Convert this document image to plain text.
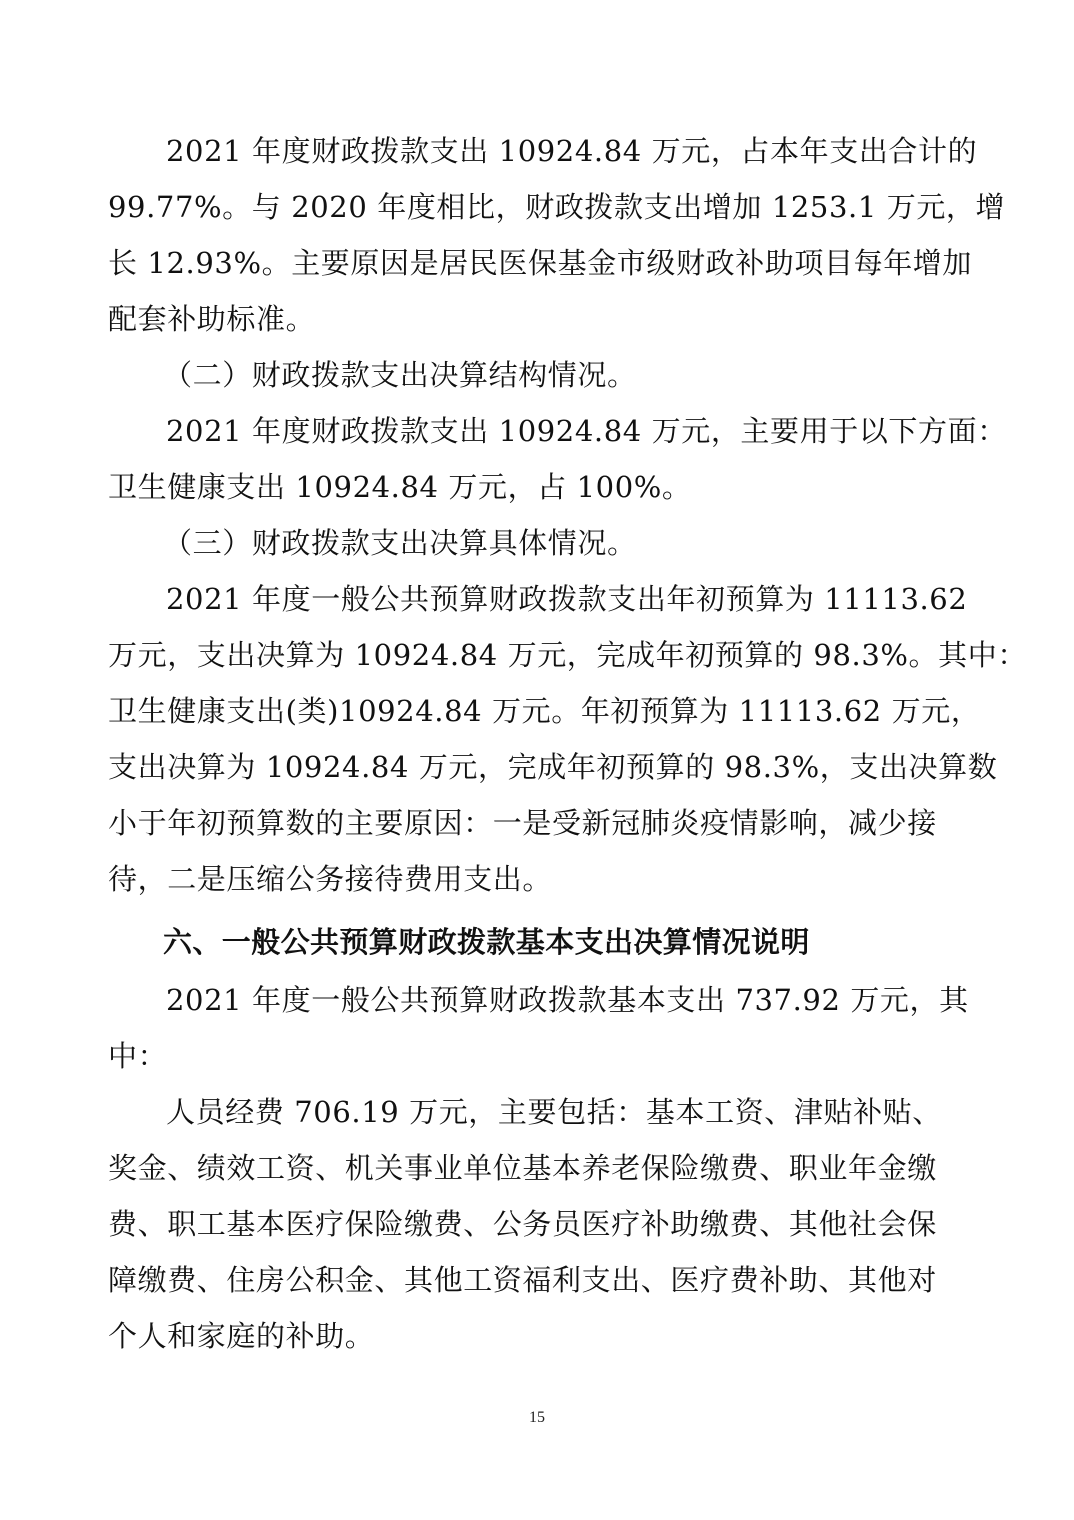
2021 年度财政拨款支出 10924.84 万元，占本年支出合计的
99.77%。与 2020 年度相比，财政拨款支出增加 1253.1 万元，增
长 12.93%。主要原因是居民医保基金市级财政补助项目每年增加
配套补助标准。
（二）财政拨款支出决算结构情况。
2021 年度财政拨款支出 10924.84 万元，主要用于以下方面：
卫生健康支出 10924.84 万元，占 100%。
（三）财政拨款支出决算具体情况。
2021 年度一般公共预算财政拨款支出年初预算为 11113.62
万元，支出决算为 10924.84 万元，完成年初预算的 98.3%。其中：
卫生健康支出(类)10924.84 万元。年初预算为 11113.62 万元，
支出决算为 10924.84 万元，完成年初预算的 98.3%，支出决算数
小于年初预算数的主要原因：一是受新冠肺炎疫情影响，减少接
待，二是压缩公务接待费用支出。
六、一般公共预算财政拨款基本支出决算情况说明
2021 年度一般公共预算财政拨款基本支出 737.92 万元，其
中：
人员经费 706.19 万元，主要包括：基本工资、津贴补贴、
奖金、绩效工资、机关事业单位基本养老保险缴费、职业年金缴
费、职工基本医疗保险缴费、公务员医疗补助缴费、其他社会保
障缴费、住房公积金、其他工资福利支出、医疗费补助、其他对
个人和家庭的补助。
15
